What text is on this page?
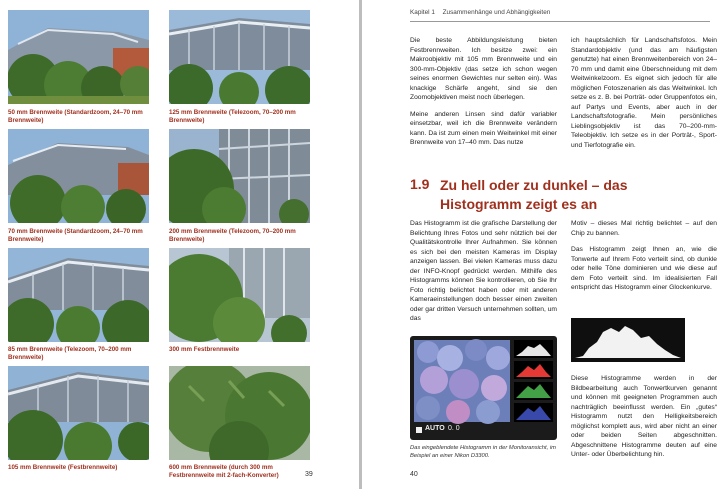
50 mm Brennweite (Standardzoom, 24–70 mm Brennweite)
125 mm Brennweite (Telezoom, 70–200 mm Brennweite)
70 mm Brennweite (Standardzoom, 24–70 mm Brennweite)
200 mm Brennweite (Telezoom, 70–200 mm Brennweite)
85 mm Brennweite (Telezoom, 70–200 mm Brennweite)
300 mm Festbrennweite
105 mm Brennweite (Festbrennweite)	600 mm Brennweite (durch 300 mm Festbrennweite mit 2-fach-Konverter)	39
Kapitel 1 Zusammenhänge und Abhängigkeiten

Die beste Abbildungsleistung bieten Festbrennweiten. Ich besitze zwei: ein Makroobjektiv mit 105 mm Brennweite und ein 300-mm-Objektiv (das setze ich schon wegen seines enormen Gewichtes nur selten ein). Was knackige Schärfe angeht, sind sie den Zoomobjektiven meist noch überlegen.

Meine anderen Linsen sind dafür variabler einsetzbar, weil ich die Brennweite verändern kann. Da ist zum einen mein Weitwinkel mit einer Brennweite von 17–40 mm. Das nutze

ich hauptsächlich für Landschaftsfotos. Mein Standardobjektiv (und das am häufigsten genutzte) hat einen Brennweitenbereich von 24–70 mm und damit eine Überschneidung mit dem Weitwinkelzoom. Es eignet sich jedoch für alle möglichen Fotoszenarien als das Weitwinkel. Ich setze es z. B. bei Porträt- oder Gruppenfotos ein, auf Partys und Events, aber auch in der Landschaftsfotografie. Mein persönliches Lieblingsobjektiv ist das 70–200-mm-Teleobjektiv. Ich setze es in der Porträt-, Sport- und Tierfotografie ein.

1.9 Zu hell oder zu dunkel – das Histogramm zeigt es an

Das Histogramm ist die grafische Darstellung der Belichtung Ihres Fotos und sehr nützlich bei der Qualitätskontrolle Ihrer Aufnahmen. Sie können es sich bei den meisten Kameras im Display anzeigen lassen. Bei vielen Kameras muss dazu der INFO-Knopf gedrückt werden. Mithilfe des Histogramms können Sie kontrollieren, ob Sie Ihr Foto richtig belichtet haben oder mit anderen Kameraeinstellungen doch besser einen zweiten oder gar dritten Versuch unternehmen sollten, um das

Motiv – dieses Mal richtig belichtet – auf den Chip zu bannen.

Das Histogramm zeigt Ihnen an, wie die Tonwerte auf Ihrem Foto verteilt sind, ob dunkle oder helle Töne dominieren und wie diese auf dem Foto verteilt sind. Im idealisierten Fall entspricht das Histogramm einer Glockenkurve.

Diese Histogramme werden in der Bildbearbeitung auch Tonwertkurven genannt und können mit geeigneten Programmen auch nachträglich beeinflusst werden. Ein „gutes“ Histogramm nutzt den Helligkeitsbereich möglichst komplett aus, wird aber nicht an einer oder beiden Seiten abgeschnitten. Abgeschnittene Histogramme deuten auf eine Unter- oder Überbelichtung hin.

AUTO 0. 0
Das eingeblendete Histogramm in der Monitoransicht, im Beispiel an einer Nikon D3300.
40
